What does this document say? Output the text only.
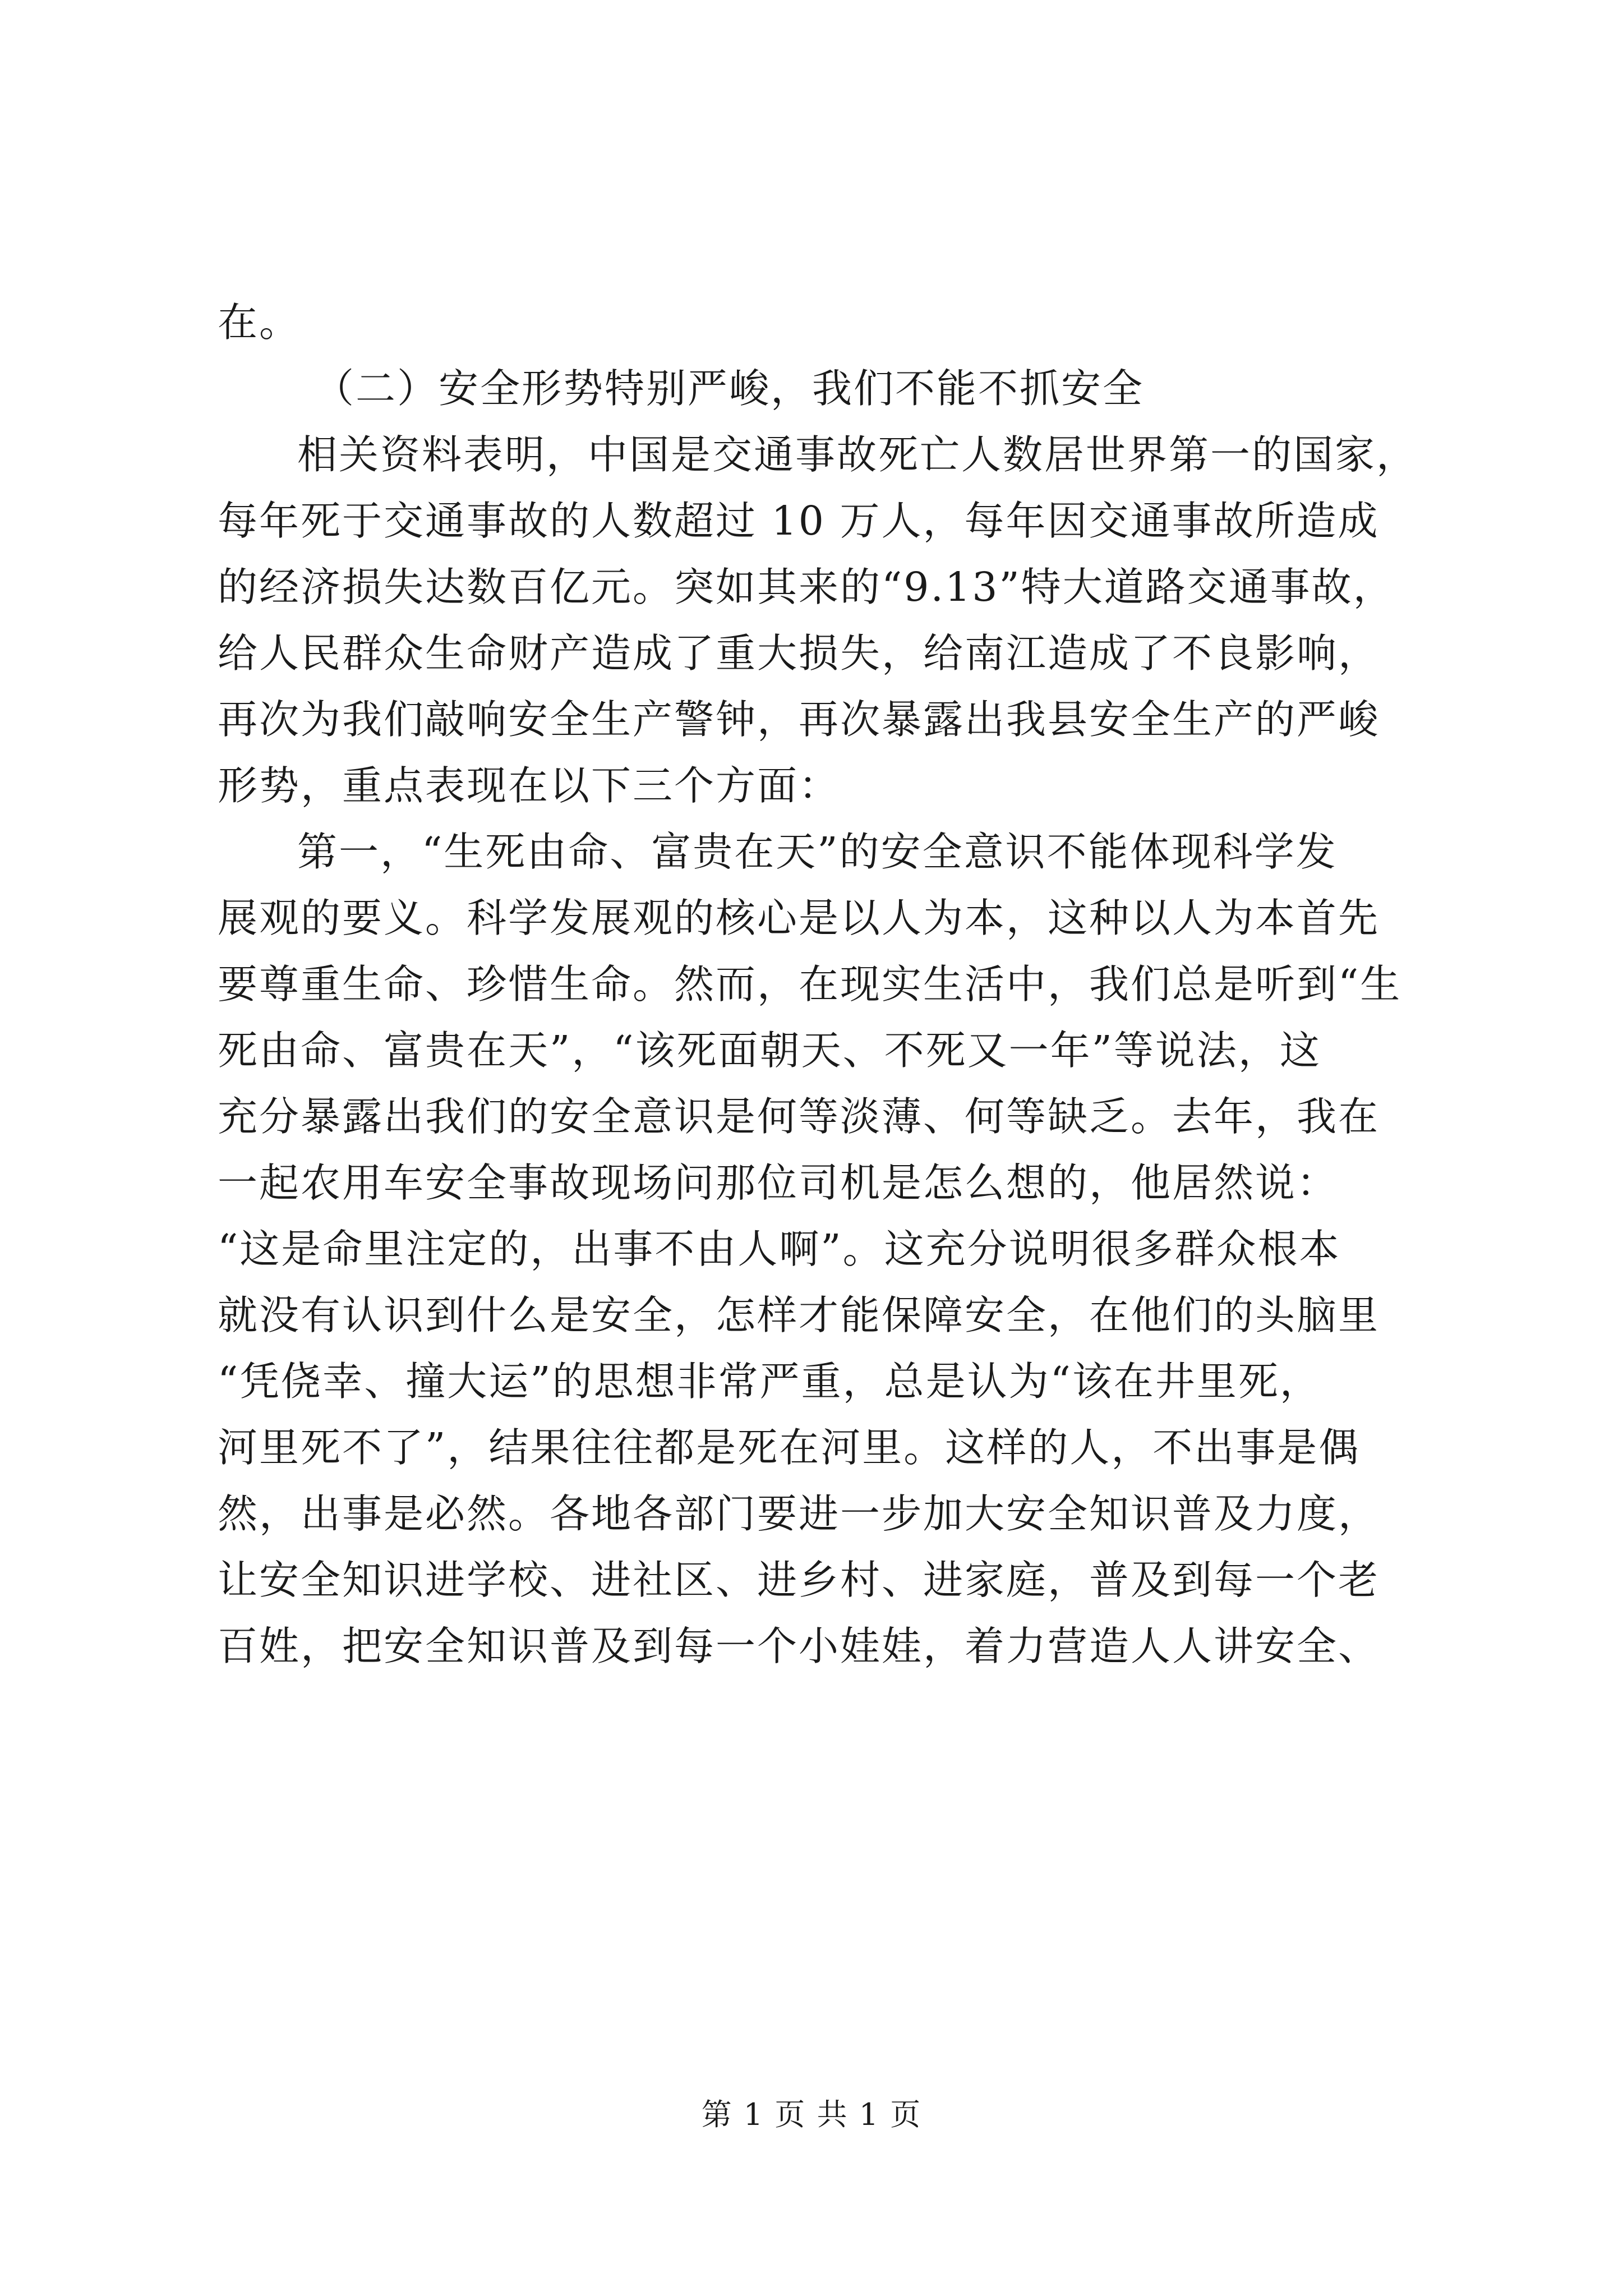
在。
（二）安全形势特别严峻，我们不能不抓安全
相关资料表明，中国是交通事故死亡人数居世界第一的国家，
每年死于交通事故的人数超过 10 万人，每年因交通事故所造成
的经济损失达数百亿元。突如其来的“9.13”特大道路交通事故，
给人民群众生命财产造成了重大损失，给南江造成了不良影响，
再次为我们敲响安全生产警钟，再次暴露出我县安全生产的严峻
形势，重点表现在以下三个方面：
第一，“生死由命、富贵在天”的安全意识不能体现科学发
展观的要义。科学发展观的核心是以人为本，这种以人为本首先
要尊重生命、珍惜生命。然而，在现实生活中，我们总是听到“生
死由命、富贵在天”，“该死面朝天、不死又一年”等说法，这
充分暴露出我们的安全意识是何等淡薄、何等缺乏。去年，我在
一起农用车安全事故现场问那位司机是怎么想的，他居然说：
“这是命里注定的，出事不由人啊”。这充分说明很多群众根本
就没有认识到什么是安全，怎样才能保障安全，在他们的头脑里
“凭侥幸、撞大运”的思想非常严重，总是认为“该在井里死，
河里死不了”，结果往往都是死在河里。这样的人，不出事是偶
然，出事是必然。各地各部门要进一步加大安全知识普及力度，
让安全知识进学校、进社区、进乡村、进家庭，普及到每一个老
百姓，把安全知识普及到每一个小娃娃，着力营造人人讲安全、
第 1 页 共 1 页
